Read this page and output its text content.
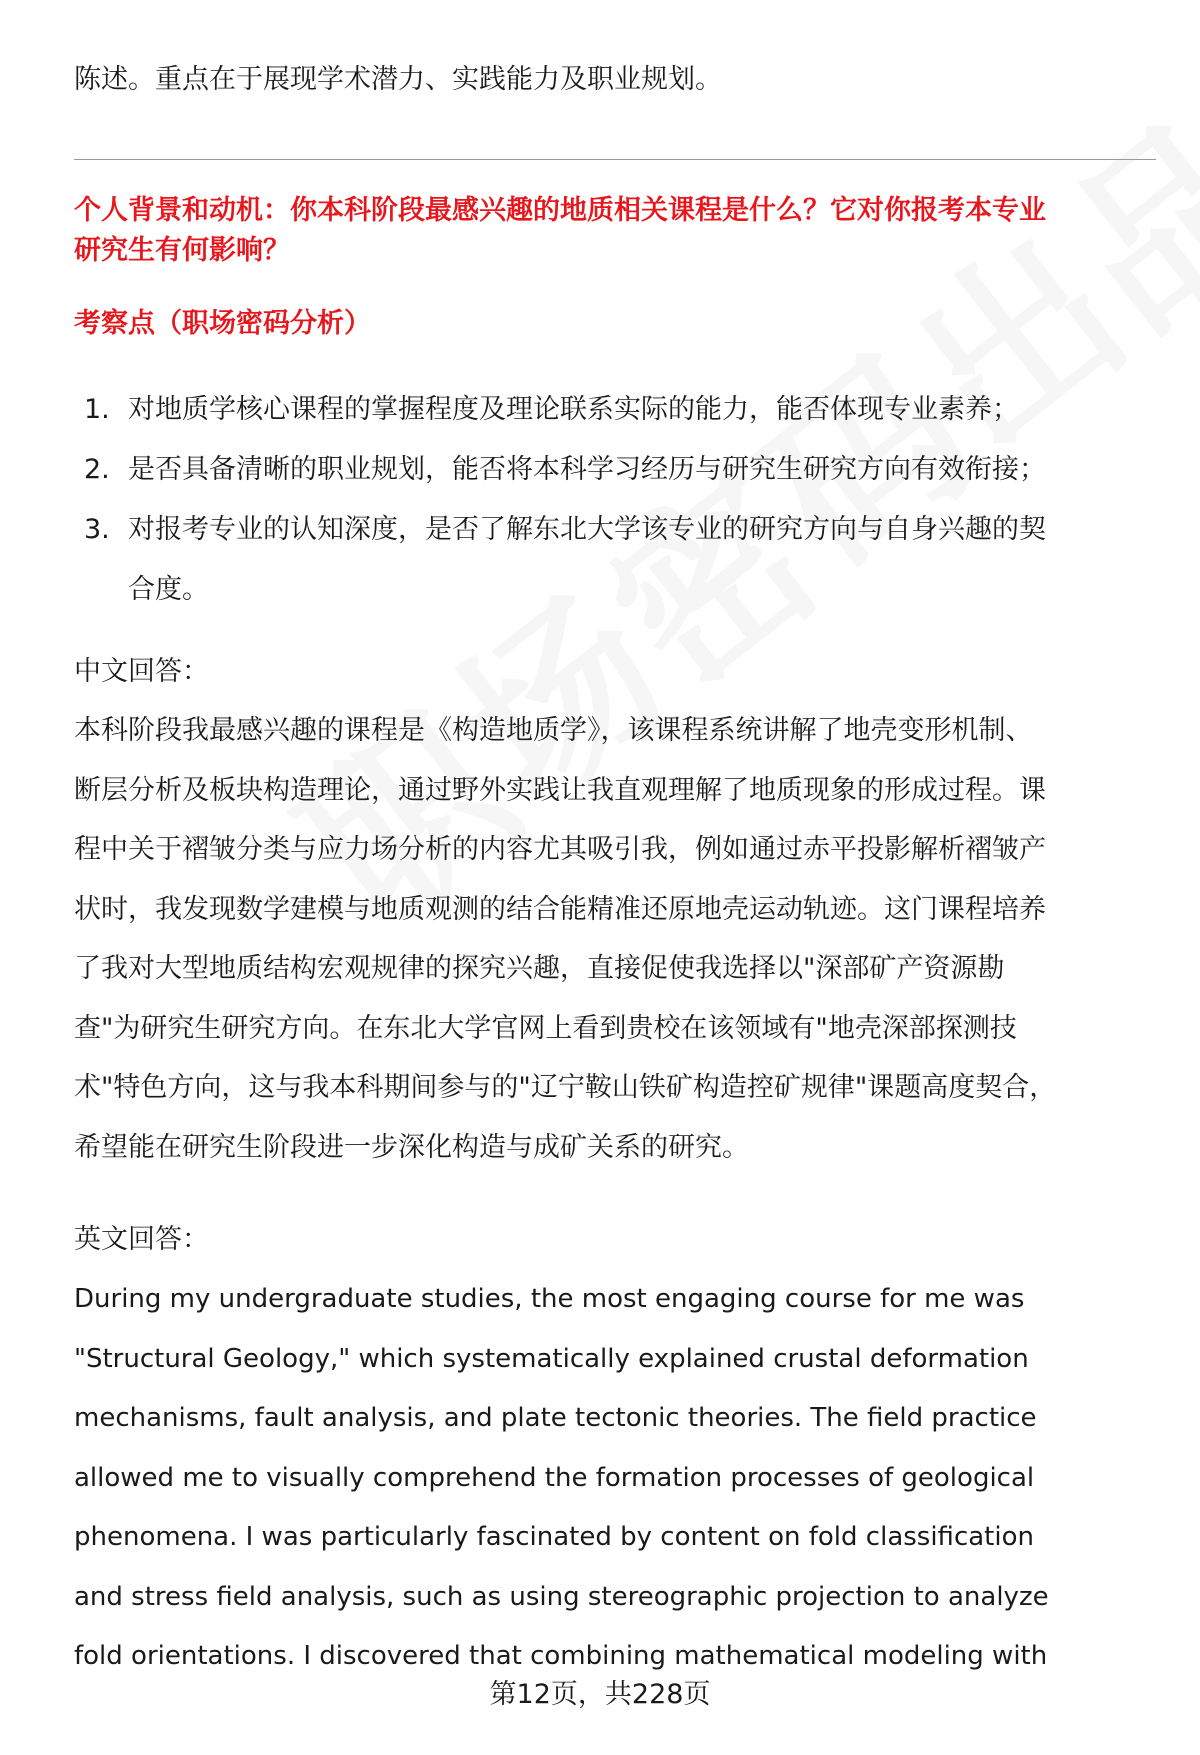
陈述。重点在于展现学术潜力、实践能力及职业规划。
个人背景和动机：你本科阶段最感兴趣的地质相关课程是什么？它对你报考本专业
研究生有何影响？
考察点（职场密码分析）
1. 对地质学核心课程的掌握程度及理论联系实际的能力，能否体现专业素养；
2. 是否具备清晰的职业规划，能否将本科学习经历与研究生研究方向有效衔接；
3. 对报考专业的认知深度，是否了解东北大学该专业的研究方向与自身兴趣的契
合度。
中文回答：
本科阶段我最感兴趣的课程是《构造地质学》，该课程系统讲解了地壳变形机制、
断层分析及板块构造理论，通过野外实践让我直观理解了地质现象的形成过程。课
程中关于褶皱分类与应力场分析的内容尤其吸引我，例如通过赤平投影解析褶皱产
状时，我发现数学建模与地质观测的结合能精准还原地壳运动轨迹。这门课程培养
了我对大型地质结构宏观规律的探究兴趣，直接促使我选择以"深部矿产资源勘
查"为研究生研究方向。在东北大学官网上看到贵校在该领域有"地壳深部探测技
术"特色方向，这与我本科期间参与的"辽宁鞍山铁矿构造控矿规律"课题高度契合，
希望能在研究生阶段进一步深化构造与成矿关系的研究。
英文回答：
During my undergraduate studies, the most engaging course for me was
"Structural Geology," which systematically explained crustal deformation
mechanisms, fault analysis, and plate tectonic theories. The field practice
allowed me to visually comprehend the formation processes of geological
phenomena. I was particularly fascinated by content on fold classification
and stress field analysis, such as using stereographic projection to analyze
fold orientations. I discovered that combining mathematical modeling with
第12页，共228页
